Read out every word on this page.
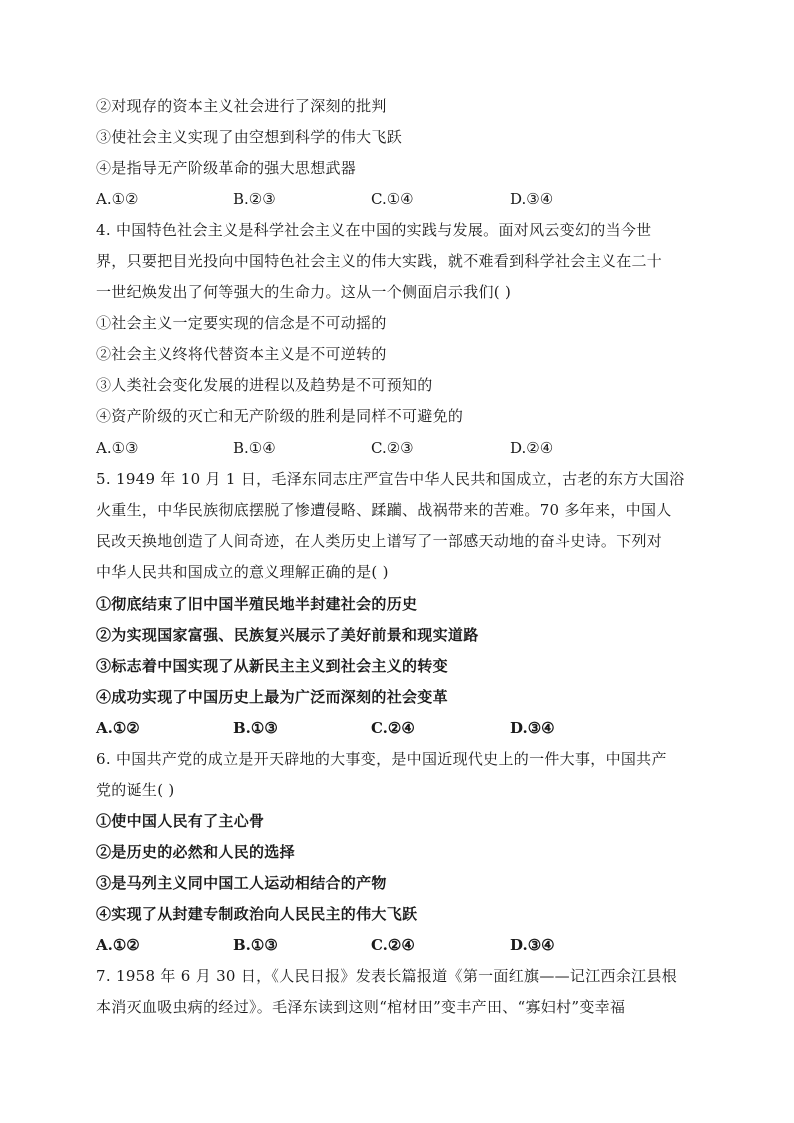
②对现存的资本主义社会进行了深刻的批判
③使社会主义实现了由空想到科学的伟大飞跃
④是指导无产阶级革命的强大思想武器
A.①②	B.②③	C.①④	D.③④
4. 中国特色社会主义是科学社会主义在中国的实践与发展。面对风云变幻的当今世
界，只要把目光投向中国特色社会主义的伟大实践，就不难看到科学社会主义在二十
一世纪焕发出了何等强大的生命力。这从一个侧面启示我们( )
①社会主义一定要实现的信念是不可动摇的
②社会主义终将代替资本主义是不可逆转的
③人类社会变化发展的进程以及趋势是不可预知的
④资产阶级的灭亡和无产阶级的胜利是同样不可避免的
A.①③	B.①④	C.②③	D.②④
5. 1949 年 10 月 1 日，毛泽东同志庄严宣告中华人民共和国成立，古老的东方大国浴
火重生，中华民族彻底摆脱了惨遭侵略、蹂躏、战祸带来的苦难。70 多年来，中国人
民改天换地创造了人间奇迹，在人类历史上谱写了一部感天动地的奋斗史诗。下列对
中华人民共和国成立的意义理解正确的是( )
①彻底结束了旧中国半殖民地半封建社会的历史
②为实现国家富强、民族复兴展示了美好前景和现实道路
③标志着中国实现了从新民主主义到社会主义的转变
④成功实现了中国历史上最为广泛而深刻的社会变革
A.①②	B.①③	C.②④	D.③④
6. 中国共产党的成立是开天辟地的大事变，是中国近现代史上的一件大事，中国共产
党的诞生( )
①使中国人民有了主心骨
②是历史的必然和人民的选择
③是马列主义同中国工人运动相结合的产物
④实现了从封建专制政治向人民民主的伟大飞跃
A.①②	B.①③	C.②④	D.③④
7. 1958 年 6 月 30 日，《人民日报》发表长篇报道《第一面红旗——记江西余江县根
本消灭血吸虫病的经过》。毛泽东读到这则“棺材田”变丰产田、“寡妇村”变幸福
